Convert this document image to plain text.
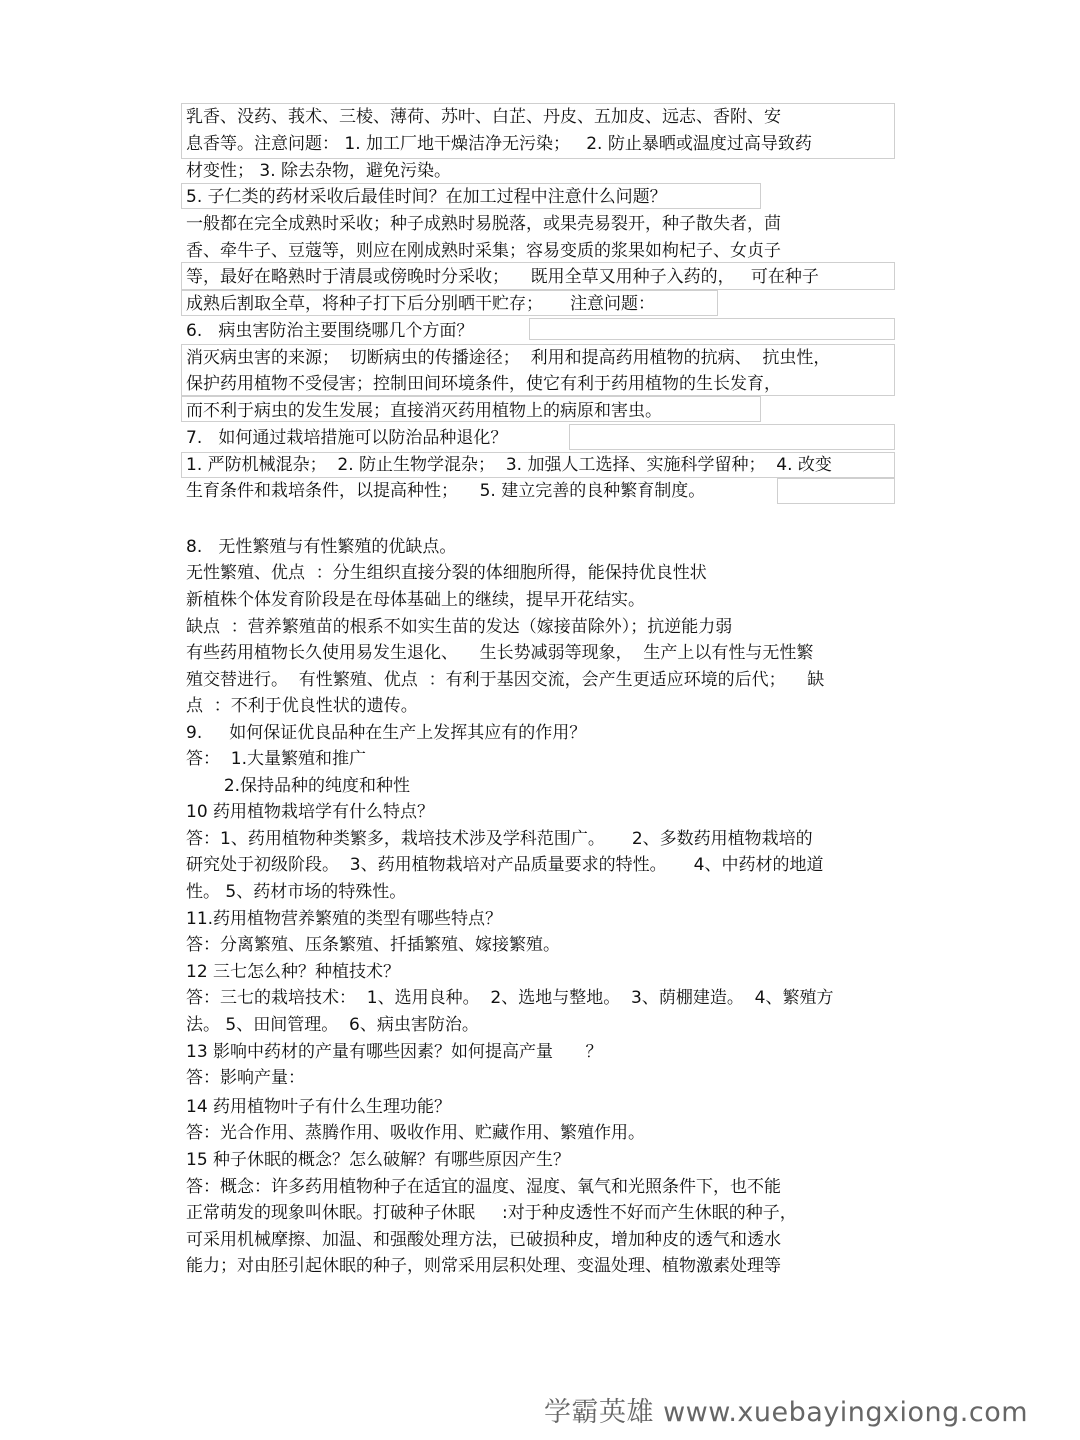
乳香、没药、莪术、三棱、薄荷、苏叶、白芷、丹皮、五加皮、远志、香附、安
息香等。注意问题： 1. 加工厂地干燥洁净无污染；   2. 防止暴晒或温度过高导致药
材变性； 3. 除去杂物，避免污染。
5. 子仁类的药材采收后最佳时间？在加工过程中注意什么问题？
一般都在完全成熟时采收；种子成熟时易脱落，或果壳易裂开，种子散失者，茴
香、牵牛子、豆蔻等，则应在刚成熟时采集；容易变质的浆果如枸杞子、女贞子
等，最好在略熟时于清晨或傍晚时分采收；    既用全草又用种子入药的，   可在种子
成熟后割取全草，将种子打下后分别晒干贮存；     注意问题：
6.   病虫害防治主要围绕哪几个方面？
消灭病虫害的来源；  切断病虫的传播途径；  利用和提高药用植物的抗病、  抗虫性，
保护药用植物不受侵害；控制田间环境条件，使它有利于药用植物的生长发育，
而不利于病虫的发生发展；直接消灭药用植物上的病原和害虫。
7.   如何通过栽培措施可以防治品种退化？
1. 严防机械混杂；  2. 防止生物学混杂；  3. 加强人工选择、实施科学留种；  4. 改变
生育条件和栽培条件，以提高种性；    5. 建立完善的良种繁育制度。
8.   无性繁殖与有性繁殖的优缺点。
无性繁殖、优点  ：分生组织直接分裂的体细胞所得，能保持优良性状
新植株个体发育阶段是在母体基础上的继续，提早开花结实。
缺点  ：营养繁殖苗的根系不如实生苗的发达（嫁接苗除外）；抗逆能力弱
有些药用植物长久使用易发生退化、    生长势减弱等现象，  生产上以有性与无性繁
殖交替进行。  有性繁殖、优点  ：有利于基因交流，会产生更适应环境的后代；    缺
点  ：不利于优良性状的遗传。
9.     如何保证优良品种在生产上发挥其应有的作用？
答：  1.大量繁殖和推广
2.保持品种的纯度和种性
10 药用植物栽培学有什么特点？
答：1、药用植物种类繁多，栽培技术涉及学科范围广。     2、多数药用植物栽培的
研究处于初级阶段。  3、药用植物栽培对产品质量要求的特性。     4、中药材的地道
性。 5、药材市场的特殊性。
11.药用植物营养繁殖的类型有哪些特点？
答：分离繁殖、压条繁殖、扦插繁殖、嫁接繁殖。
12 三七怎么种？种植技术？
答：三七的栽培技术：  1、选用良种。  2、选地与整地。  3、荫棚建造。  4、繁殖方
法。 5、田间管理。  6、病虫害防治。
13 影响中药材的产量有哪些因素？如何提高产量      ？
答：影响产量：
14 药用植物叶子有什么生理功能？
答：光合作用、蒸腾作用、吸收作用、贮藏作用、繁殖作用。
15 种子休眠的概念？怎么破解？有哪些原因产生？
答：概念：许多药用植物种子在适宜的温度、湿度、氧气和光照条件下，也不能
正常萌发的现象叫休眠。打破种子休眠     :对于种皮透性不好而产生休眠的种子，
可采用机械摩擦、加温、和强酸处理方法，已破损种皮，增加种皮的透气和透水
能力；对由胚引起休眠的种子，则常采用层积处理、变温处理、植物激素处理等
学霸英雄 www.xuebayingxiong.com
